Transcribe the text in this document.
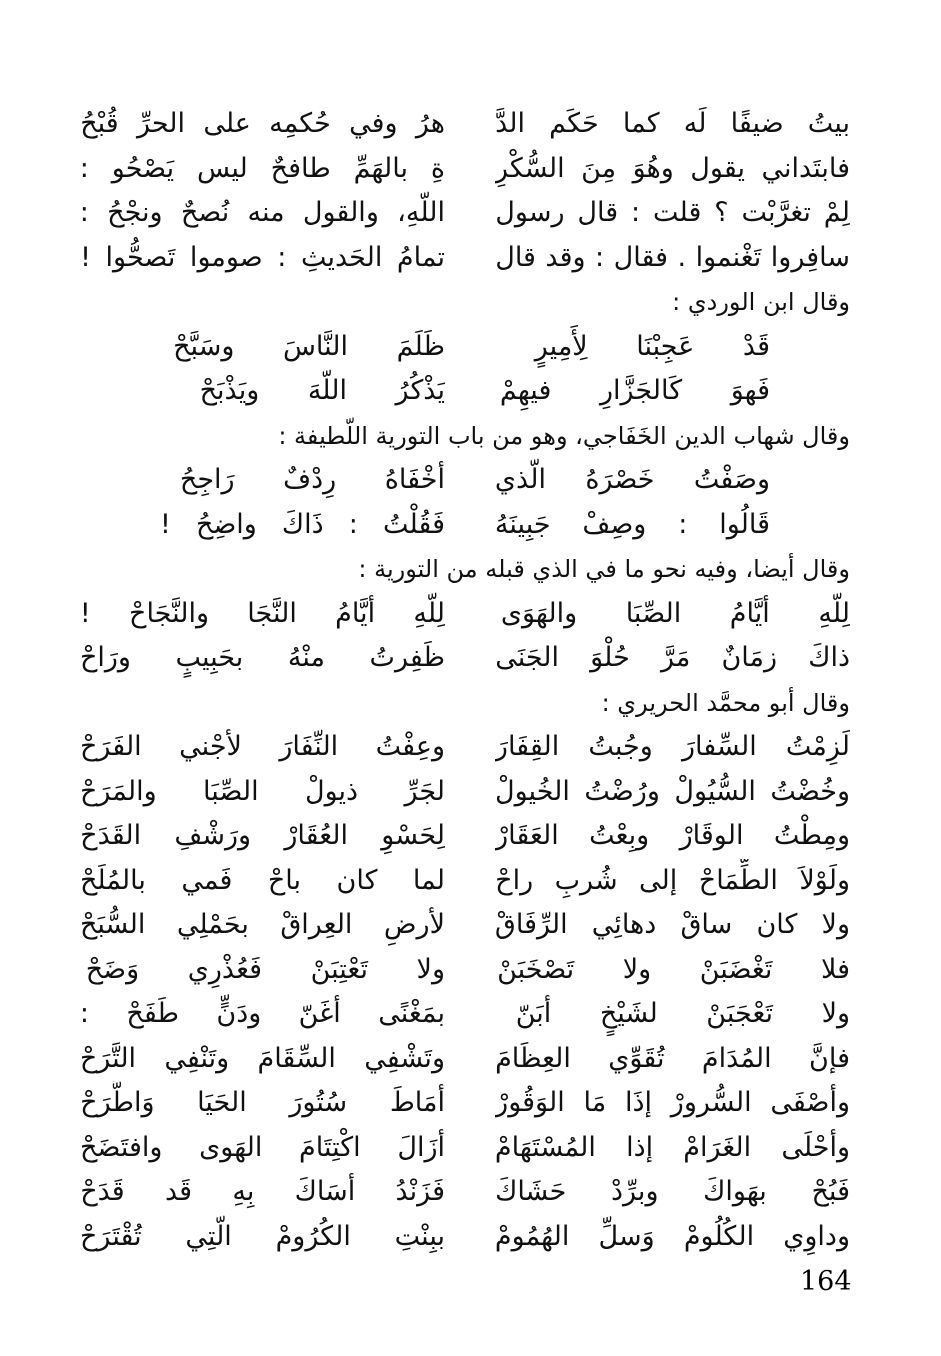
بيتُ ضيفًا لَه كما حَكَم الدَّ
هرُ وفي حُكمِه على الحرِّ قُبْحُ
فابتَداني يقول وهُوَ مِنَ السُّكْرِ
ةِ بالهَمِّ طافحٌ ليس يَصْحُو :
لِمْ تغرَّبْت ؟ قلت : قال رسول
اللّهِ، والقول منه نُصحٌ ونجْحُ :
سافِروا تَغْنموا . فقال : وقد قال
تمامُ الحَديثِ : صوموا تَصحُّوا !
وقال ابن الوردي :
قَدْ عَجِبْنَا لِأَمِيرٍ
ظَلَمَ النَّاسَ وسَبَّحْ
فَهوَ كَالجَزَّارِ فيهِمْ
يَذْكُرُ اللّهَ ويَذْبَحْ
وقال شهاب الدين الخَفَاجي، وهو من باب التورية اللّطيفة :
وصَفْتُ خَصْرَهُ الّذي
أخْفَاهُ رِدْفٌ رَاجِحُ
قَالُوا : وصِفْ جَبِينَهُ
فَقُلْتُ : ذَاكَ واضِحُ !
وقال أيضا، وفيه نحو ما في الذي قبله من التورية :
لِلّهِ أيَّامُ الصِّبَا والهَوَى
لِلّهِ أيَّامُ النَّجَا والنَّجَاحْ !
ذاكَ زمَانٌ مَرَّ حُلْوَ الجَنَى
ظَفِرتُ منْهُ بحَبِيبٍ ورَاحْ
وقال أبو محمَّد الحريري :
لَزِمْتُ السِّفارَ وجُبتُ القِفَارَ
وعِفْتُ النِّفَارَ لأجْني الفَرَحْ
وخُضْتُ السُّيُولْ ورُضْتُ الخُيولْ
لجَرِّ ذيولْ الصِّبَا والمَرَحْ
ومِطْتُ الوقَارْ وبِعْتُ العَقَارْ
لِحَسْوِ العُقَارْ ورَشْفِ القَدَحْ
ولَوْلاَ الطِّمَاحْ إلى شُربِ راحْ
لما كان باحْ فَمي بالمُلَحْ
ولا كان ساقْ دهائِي الرِّفَاقْ
لأرضِ العِراقْ بحَمْلِي السُّبَحْ
فلا تَغْضَبَنْ ولا تَصْخَبَنْ
ولا تَعْتِبَنْ فَعُذْرِي وَضَحْ
ولا تَعْجَبَنْ لشَيْخٍ أبَنّ
بمَغْنًى أغَنّ ودَنٍّ طَفَحْ :
فإنَّ المُدَامَ تُقَوِّي العِظَامَ
وتَشْفِي السِّقَامَ وتَنْفِي التَّرَحْ
وأصْفَى السُّرورْ إذَا مَا الوَقُورْ
أمَاطَ سُتُورَ الحَيَا وَاطَّرَحْ
وأحْلَى الغَرَامْ إذا المُسْتَهَامْ
أزَالَ اكْتِتَامَ الهَوى وافتَضَحْ
فَبُحْ بهَواكَ وبرِّدْ حَشَاكَ
فَزَنْدُ أسَاكَ بِهِ قَد قَدَحْ
وداوِي الكُلُومْ وَسلِّ الهُمُومْ
ببِنْتِ الكُرُومْ الّتِي تُقْتَرَحْ
164
